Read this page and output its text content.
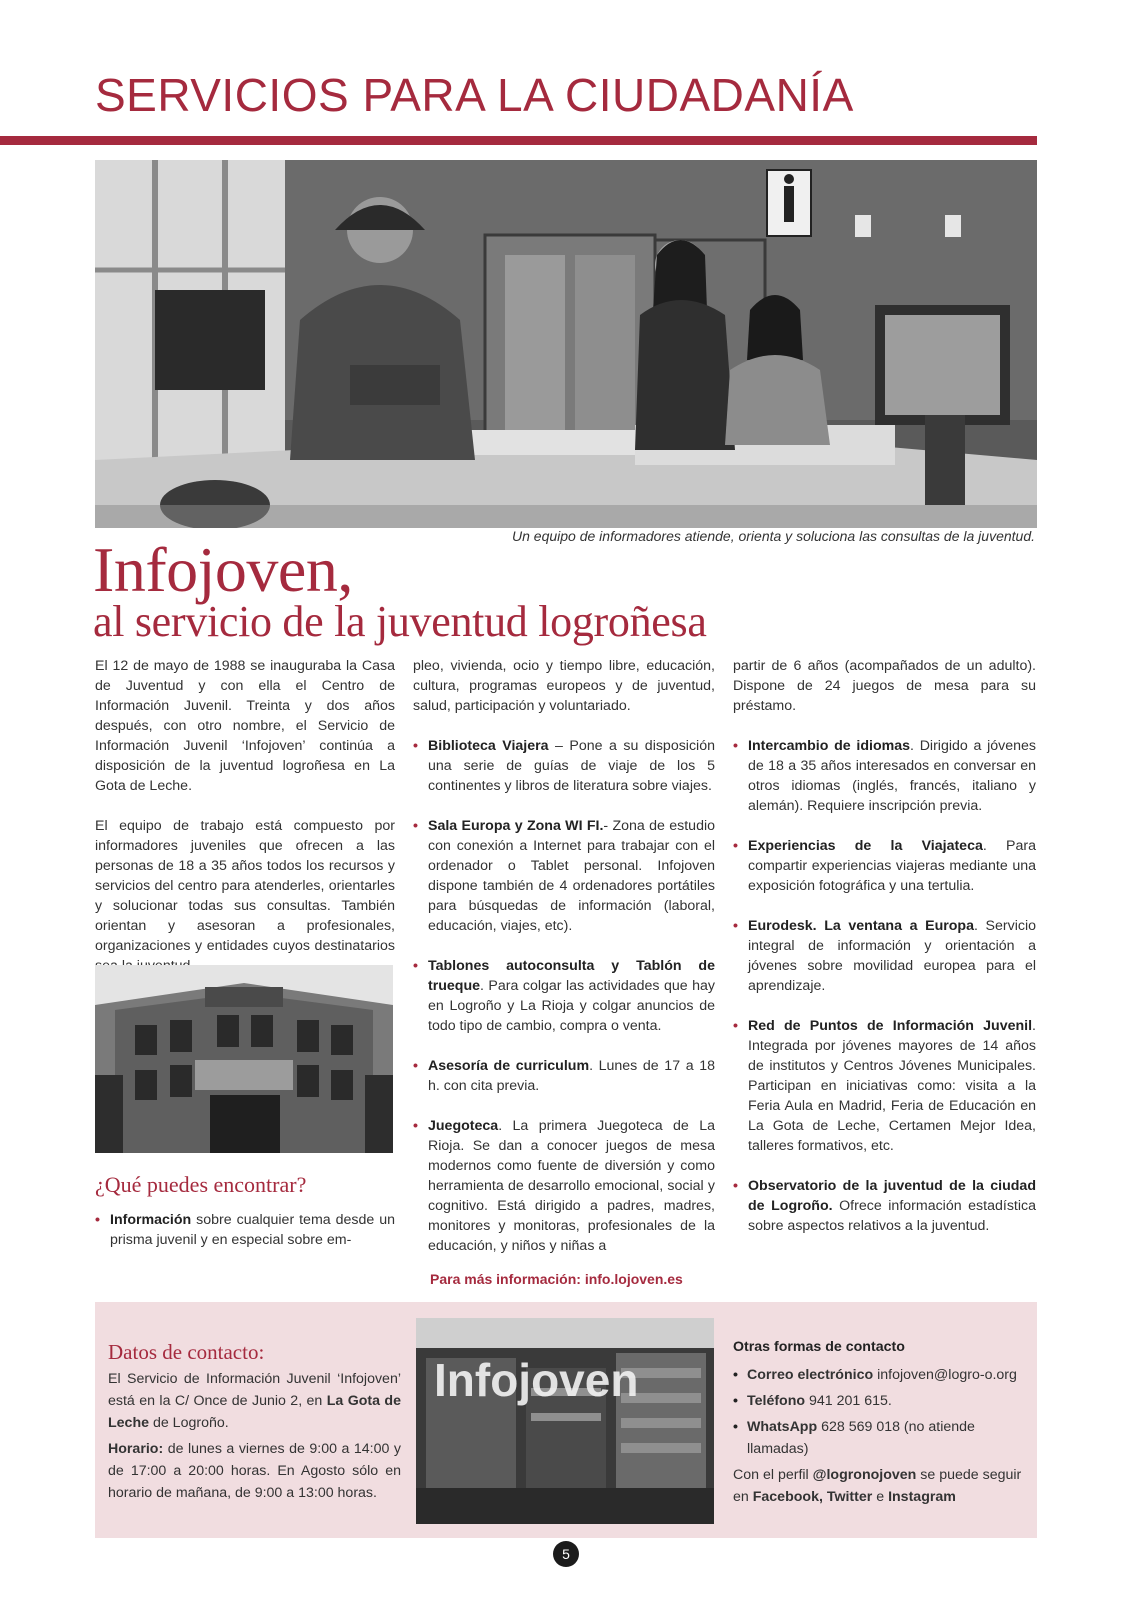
SERVICIOS PARA LA CIUDADANÍA
Un equipo de informadores atiende, orienta y soluciona las consultas de la juventud.
Infojoven,
al servicio de la juventud logroñesa

El 12 de mayo de 1988 se inauguraba la Casa de Juventud y con ella el Centro de Información Juvenil. Treinta y dos años después, con otro nombre, el Servicio de Información Juvenil ‘Infojoven’ continúa a disposición de la juventud logroñesa en La Gota de Leche.

El equipo de trabajo está compuesto por informadores juveniles que ofrecen a las personas de 18 a 35 años todos los recursos y servicios del centro para atenderles, orientarles y solucionar todas sus consultas. También orientan y asesoran a profesionales, organizaciones y entidades cuyos destinatarios

¿Qué puedes encontrar?
• Información sobre cualquier tema desde un prisma juvenil y en especial sobre em-

pleo, vivienda, ocio y tiempo libre, educación, cultura, programas europeos y de juventud, salud, participación y voluntariado.

• Biblioteca Viajera – Pone a su disposición una serie de guías de viaje de los 5 continentes y libros de literatura sobre viajes.
• Sala Europa y Zona WI FI.- Zona de estudio con conexión a Internet para trabajar con el ordenador o Tablet personal. Infojoven dispone también de 4 ordenadores portátiles para búsquedas de información (laboral, educación, viajes, etc).
• Tablones autoconsulta y Tablón de trueque. Para colgar las actividades que hay en Logroño y La Rioja y colgar anuncios de todo tipo de cambio, compra o venta.
• Asesoría de curriculum. Lunes de 17 a 18 h. con cita previa.
• Juegoteca. La primera Juegoteca de La Rioja. Se dan a conocer juegos de mesa modernos como fuente de diversión y como herramienta de desarrollo emocional, social y cognitivo. Está dirigido a padres, madres, monitores y monitoras, profesionales de la educación, y niños y niñas a

partir de 6 años (acompañados de un adulto). Dispone de 24 juegos de mesa para su préstamo.

• Intercambio de idiomas. Dirigido a jóvenes de 18 a 35 años interesados en conversar en otros idiomas (inglés, francés, italiano y alemán). Requiere inscripción previa.
• Experiencias de la Viajateca. Para compartir experiencias viajeras mediante una exposición fotográfica y una tertulia.
• Eurodesk. La ventana a Europa. Servicio integral de información y orientación a jóvenes sobre movilidad europea para el aprendizaje.
• Red de Puntos de Información Juvenil. Integrada por jóvenes mayores de 14 años de institutos y Centros Jóvenes Municipales. Participan en iniciativas como: visita a la Feria Aula en Madrid, Feria de Educación en La Gota de Leche, Certamen Mejor Idea, talleres formativos, etc.
• Observatorio de la juventud de la ciudad de Logroño. Ofrece información estadística sobre aspectos relativos a la juventud.
Para más información: info.lojoven.es
Datos de contacto:

El Servicio de Información Juvenil ‘Infojoven’ está en la C/ Once de Junio 2, en La Gota de Leche de Logroño.

Horario: de lunes a viernes de 9:00 a 14:00 y de 17:00 a 20:00 horas. En Agosto sólo en horario de mañana, de 9:00 a 13:00 horas.

Infojoven
Otras formas de contacto
• Correo electrónico infojoven@logro-o.org
• Teléfono 941 201 615.
• WhatsApp 628 569 018 (no atiende llamadas)
Con el perfil @logronojoven se puede seguir en Facebook, Twitter e Instagram
5
